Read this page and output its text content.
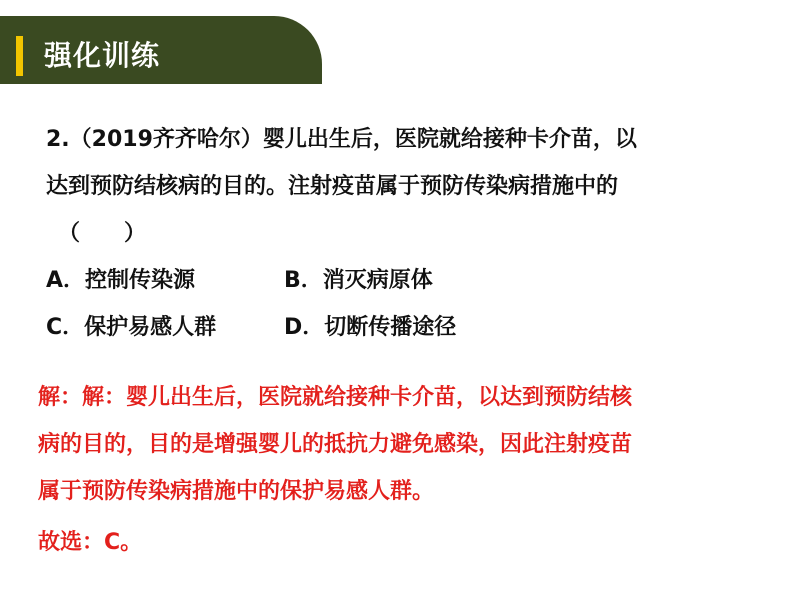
强化训练
2.（2019齐齐哈尔）婴儿出生后，医院就给接种卡介苗，以
达到预防结核病的目的。注射疫苗属于预防传染病措施中的
（　　）
A．控制传染源	B．消灭病原体
C．保护易感人群	D．切断传播途径
解：解：婴儿出生后，医院就给接种卡介苗，以达到预防结核
病的目的，目的是增强婴儿的抵抗力避免感染，因此注射疫苗
属于预防传染病措施中的保护易感人群。
故选：C。
